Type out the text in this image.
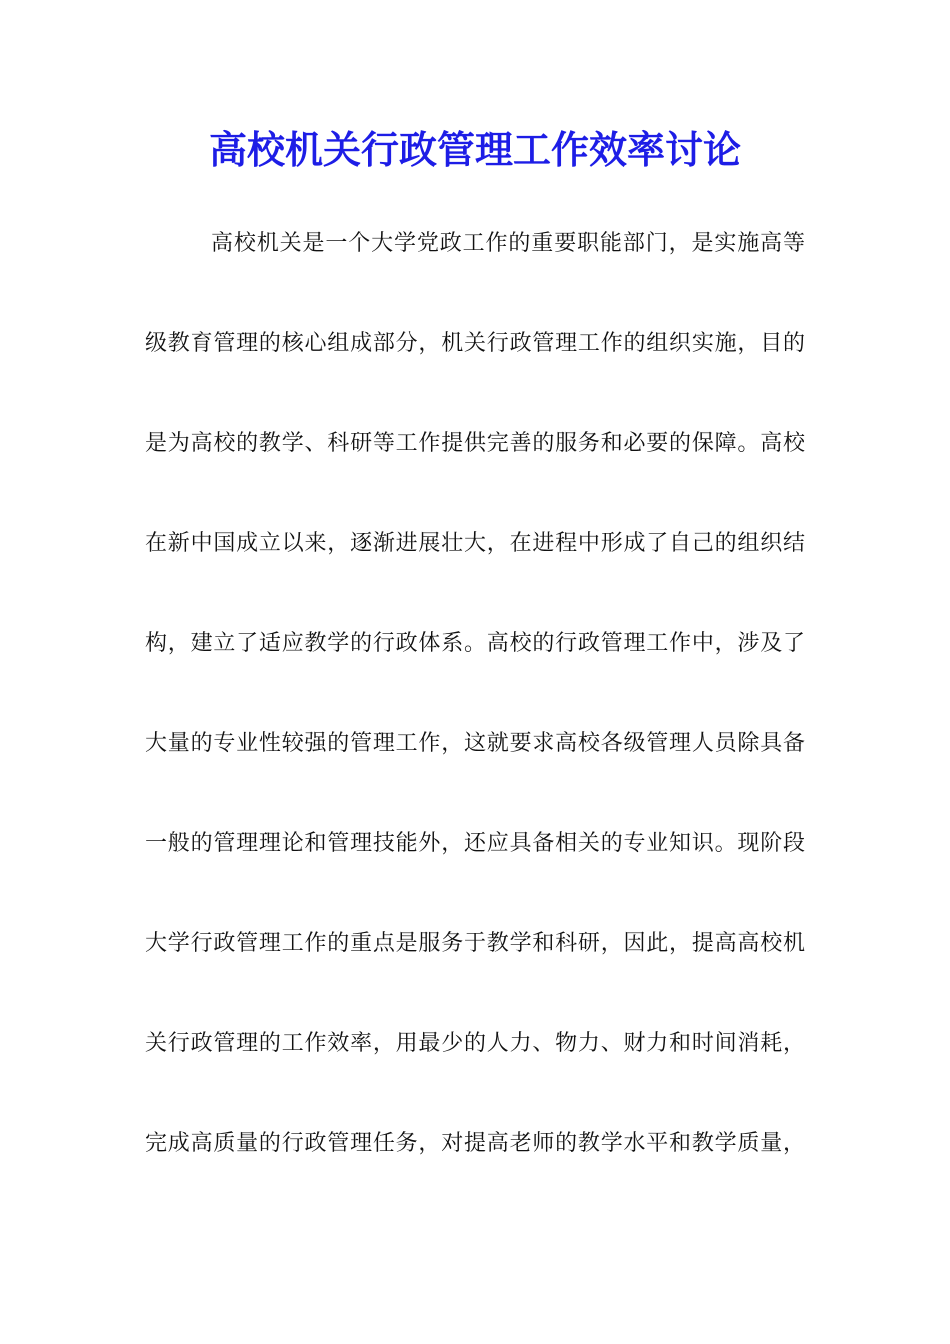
高校机关行政管理工作效率讨论
高校机关是一个大学党政工作的重要职能部门，是实施高等
级教育管理的核心组成部分，机关行政管理工作的组织实施，目的
是为高校的教学、科研等工作提供完善的服务和必要的保障。高校
在新中国成立以来，逐渐进展壮大，在进程中形成了自己的组织结
构，建立了适应教学的行政体系。高校的行政管理工作中，涉及了
大量的专业性较强的管理工作，这就要求高校各级管理人员除具备
一般的管理理论和管理技能外，还应具备相关的专业知识。现阶段
大学行政管理工作的重点是服务于教学和科研，因此，提高高校机
关行政管理的工作效率，用最少的人力、物力、财力和时间消耗，
完成高质量的行政管理任务，对提高老师的教学水平和教学质量，
